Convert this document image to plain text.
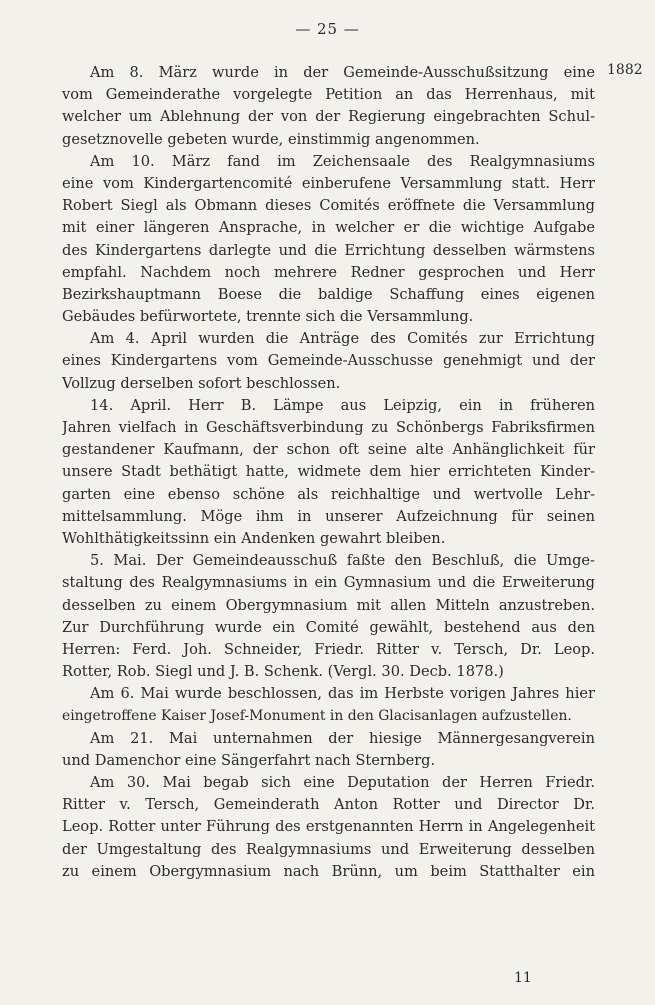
— 25 —
1882
Am 8. März wurde in der Gemeinde-Ausschußsitzung eine
vom Gemeinderathe vorgelegte Petition an das Herrenhaus, mit
welcher um Ablehnung der von der Regierung eingebrachten Schul-
gesetznovelle gebeten wurde, einstimmig angenommen.
Am 10. März fand im Zeichensaale des Realgymnasiums
eine vom Kindergartencomité einberufene Versammlung statt. Herr
Robert Siegl als Obmann dieses Comités eröffnete die Versammlung
mit einer längeren Ansprache, in welcher er die wichtige Aufgabe
des Kindergartens darlegte und die Errichtung desselben wärmstens
empfahl. Nachdem noch mehrere Redner gesprochen und Herr
Bezirkshauptmann Boese die baldige Schaffung eines eigenen
Gebäudes befürwortete, trennte sich die Versammlung.
Am 4. April wurden die Anträge des Comités zur Errichtung
eines Kindergartens vom Gemeinde-Ausschusse genehmigt und der
Vollzug derselben sofort beschlossen.
14. April. Herr B. Lämpe aus Leipzig, ein in früheren
Jahren vielfach in Geschäftsverbindung zu Schönbergs Fabriksfirmen
gestandener Kaufmann, der schon oft seine alte Anhänglichkeit für
unsere Stadt bethätigt hatte, widmete dem hier errichteten Kinder-
garten eine ebenso schöne als reichhaltige und wertvolle Lehr-
mittelsammlung. Möge ihm in unserer Aufzeichnung für seinen
Wohlthätigkeitssinn ein Andenken gewahrt bleiben.
5. Mai. Der Gemeindeausschuß faßte den Beschluß, die Umge-
staltung des Realgymnasiums in ein Gymnasium und die Erweiterung
desselben zu einem Obergymnasium mit allen Mitteln anzustreben.
Zur Durchführung wurde ein Comité gewählt, bestehend aus den
Herren: Ferd. Joh. Schneider, Friedr. Ritter v. Tersch, Dr. Leop.
Rotter, Rob. Siegl und J. B. Schenk. (Vergl. 30. Decb. 1878.)
Am 6. Mai wurde beschlossen, das im Herbste vorigen Jahres hier
eingetroffene Kaiser Josef-Monument in den Glacisanlagen aufzustellen.
Am 21. Mai unternahmen der hiesige Männergesangverein
und Damenchor eine Sängerfahrt nach Sternberg.
Am 30. Mai begab sich eine Deputation der Herren Friedr.
Ritter v. Tersch, Gemeinderath Anton Rotter und Director Dr.
Leop. Rotter unter Führung des erstgenannten Herrn in Angelegenheit
der Umgestaltung des Realgymnasiums und Erweiterung desselben
zu einem Obergymnasium nach Brünn, um beim Statthalter ein
11
